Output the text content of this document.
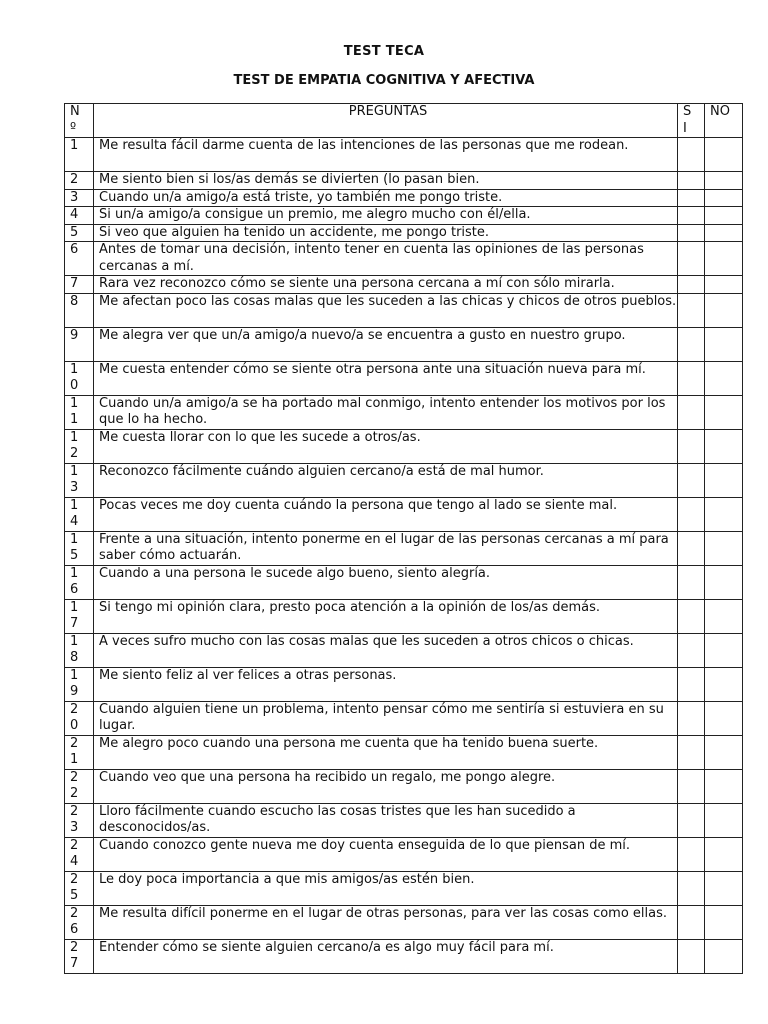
TEST TECA
TEST DE EMPATIA COGNITIVA Y AFECTIVA
Nº	PREGUNTAS	SI	NO

1	Me resulta fácil darme cuenta de las intenciones de las personas que me rodean.		

2	Me siento bien si los/as demás se divierten (lo pasan bien.		

3	Cuando un/a amigo/a está triste, yo también me pongo triste.		

4	Si un/a amigo/a consigue un premio, me alegro mucho con él/ella.		

5	Si veo que alguien ha tenido un accidente, me pongo triste.		

6	Antes de tomar una decisión, intento tener en cuenta las opiniones de las personas cercanas a mí.		

7	Rara vez reconozco cómo se siente una persona cercana a mí con sólo mirarla.		

8	Me afectan poco las cosas malas que les suceden a las chicas y chicos de otros pueblos.		

9	Me alegra ver que un/a amigo/a nuevo/a se encuentra a gusto en nuestro grupo.		

10	Me cuesta entender cómo se siente otra persona ante una situación nueva para mí.		

11	Cuando un/a amigo/a se ha portado mal conmigo, intento entender los motivos por los que lo ha hecho.		

12	Me cuesta llorar con lo que les sucede a otros/as.		

13	Reconozco fácilmente cuándo alguien cercano/a está de mal humor.		

14	Pocas veces me doy cuenta cuándo la persona que tengo al lado se siente mal.		

15	Frente a una situación, intento ponerme en el lugar de las personas cercanas a mí para saber cómo actuarán.		

16	Cuando a una persona le sucede algo bueno, siento alegría.		

17	Si tengo mi opinión clara, presto poca atención a la opinión de los/as demás.		

18	A veces sufro mucho con las cosas malas que les suceden a otros chicos o chicas.		

19	Me siento feliz al ver felices a otras personas.		

20	Cuando alguien tiene un problema, intento pensar cómo me sentiría si estuviera en su lugar.		

21	Me alegro poco cuando una persona me cuenta que ha tenido buena suerte.		

22	Cuando veo que una persona ha recibido un regalo, me pongo alegre.		

23	Lloro fácilmente cuando escucho las cosas tristes que les han sucedido a desconocidos/as.		

24	Cuando conozco gente nueva me doy cuenta enseguida de lo que piensan de mí.		

25	Le doy poca importancia a que mis amigos/as estén bien.		

26	Me resulta difícil ponerme en el lugar de otras personas, para ver las cosas como ellas.		

27	Entender cómo se siente alguien cercano/a es algo muy fácil para mí.		
